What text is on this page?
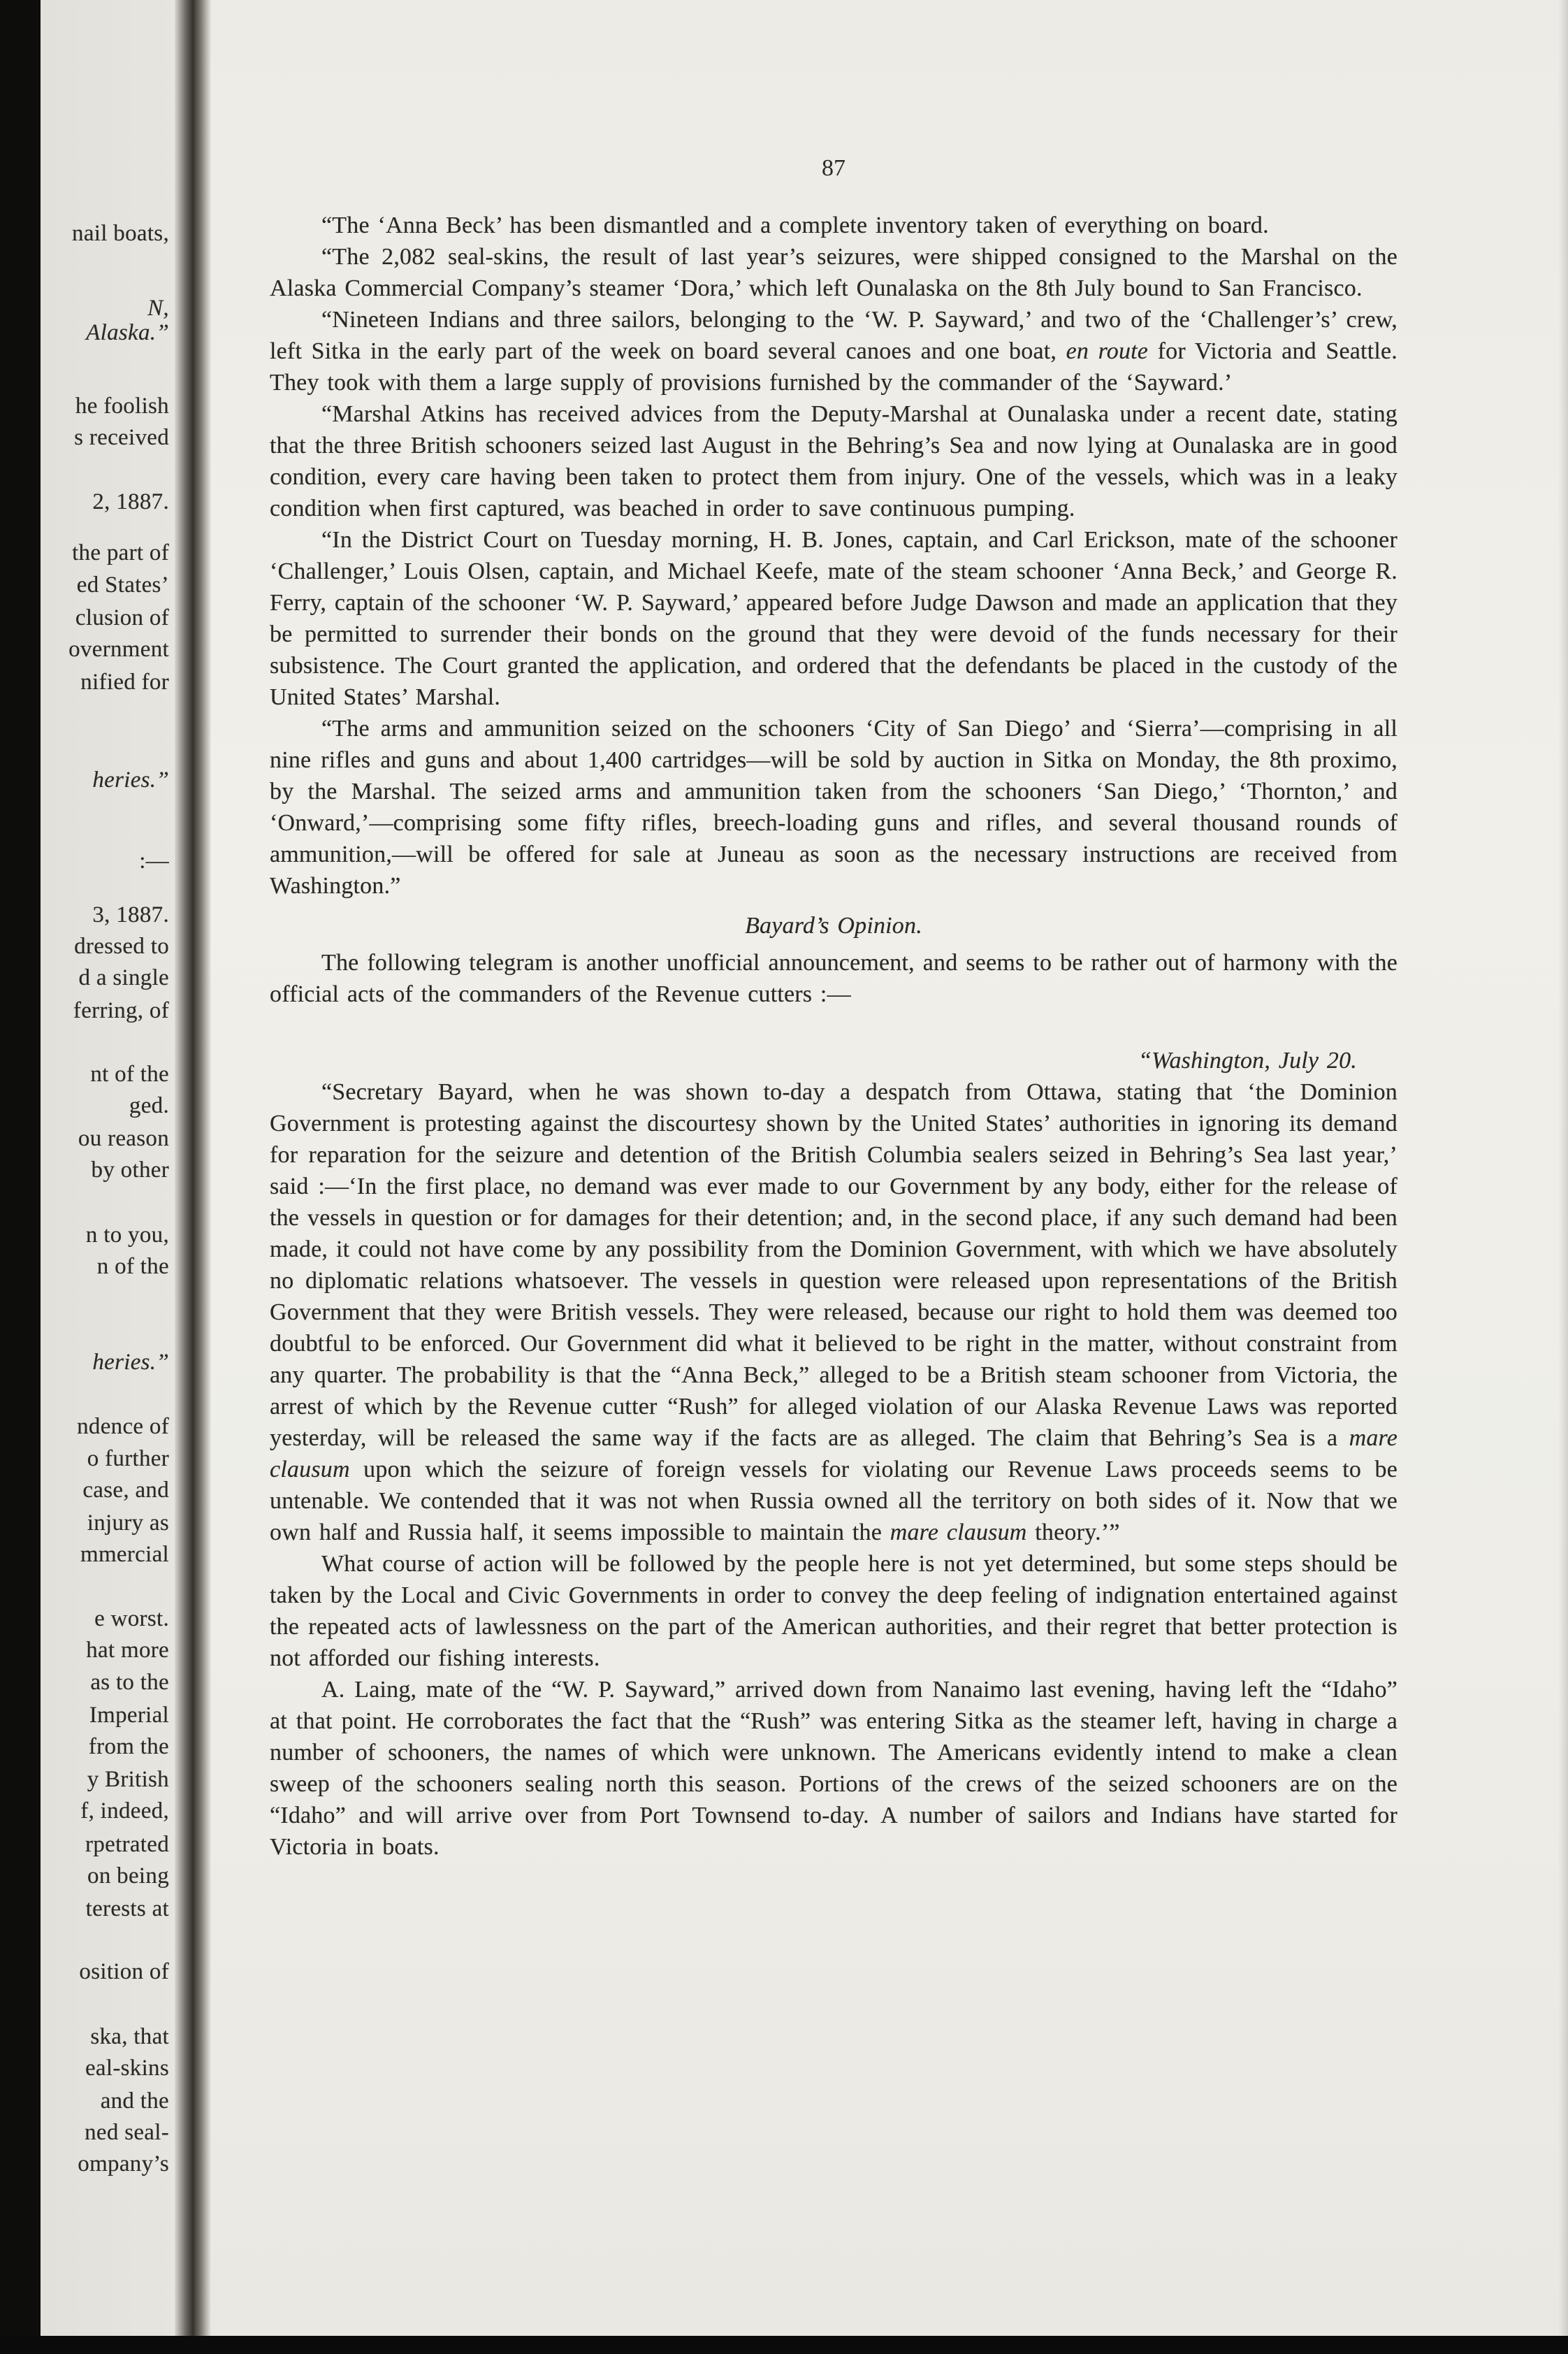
nail boats,
N,
Alaska.”
he foolish
s received
2, 1887.
the part of
ed States’
clusion of
overnment
nified for
heries.”
:—
3, 1887.
dressed to
d a single
ferring, of
nt of the
ged.
ou reason
by other
n to you,
n of the
heries.”
ndence of
o further
case, and
injury as
mmercial
e worst.
hat more
as to the
Imperial
from the
y British
f, indeed,
rpetrated
on being
terests at
osition of
ska, that
eal-skins
and the
ned seal-
ompany’s
87
“The ‘Anna Beck’ has been dismantled and a complete inventory taken of everything on board.
“The 2,082 seal-skins, the result of last year’s seizures, were shipped consigned to the Marshal on the Alaska Commercial Company’s steamer ‘Dora,’ which left Ounalaska on the 8th July bound to San Francisco.
“Nineteen Indians and three sailors, belonging to the ‘W. P. Sayward,’ and two of the ‘Challenger’s’ crew, left Sitka in the early part of the week on board several canoes and one boat, en route for Victoria and Seattle. They took with them a large supply of provisions furnished by the commander of the ‘Sayward.’
“Marshal Atkins has received advices from the Deputy-Marshal at Ounalaska under a recent date, stating that the three British schooners seized last August in the Behring’s Sea and now lying at Ounalaska are in good condition, every care having been taken to protect them from injury. One of the vessels, which was in a leaky condition when first captured, was beached in order to save continuous pumping.
“In the District Court on Tuesday morning, H. B. Jones, captain, and Carl Erickson, mate of the schooner ‘Challenger,’ Louis Olsen, captain, and Michael Keefe, mate of the steam schooner ‘Anna Beck,’ and George R. Ferry, captain of the schooner ‘W. P. Sayward,’ appeared before Judge Dawson and made an application that they be permitted to surrender their bonds on the ground that they were devoid of the funds necessary for their subsistence. The Court granted the application, and ordered that the defendants be placed in the custody of the United States’ Marshal.
“The arms and ammunition seized on the schooners ‘City of San Diego’ and ‘Sierra’—comprising in all nine rifles and guns and about 1,400 cartridges—will be sold by auction in Sitka on Monday, the 8th proximo, by the Marshal. The seized arms and ammunition taken from the schooners ‘San Diego,’ ‘Thornton,’ and ‘Onward,’—comprising some fifty rifles, breech-loading guns and rifles, and several thousand rounds of ammunition,—will be offered for sale at Juneau as soon as the necessary instructions are received from Washington.”
Bayard’s Opinion.
The following telegram is another unofficial announcement, and seems to be rather out of harmony with the official acts of the commanders of the Revenue cutters :—
“Washington, July 20.
“Secretary Bayard, when he was shown to-day a despatch from Ottawa, stating that ‘the Dominion Government is protesting against the discourtesy shown by the United States’ authorities in ignoring its demand for reparation for the seizure and detention of the British Columbia sealers seized in Behring’s Sea last year,’ said :—‘In the first place, no demand was ever made to our Government by any body, either for the release of the vessels in question or for damages for their detention; and, in the second place, if any such demand had been made, it could not have come by any possibility from the Dominion Government, with which we have absolutely no diplomatic relations whatsoever. The vessels in question were released upon representations of the British Government that they were British vessels. They were released, because our right to hold them was deemed too doubtful to be enforced. Our Government did what it believed to be right in the matter, without constraint from any quarter. The probability is that the “Anna Beck,” alleged to be a British steam schooner from Victoria, the arrest of which by the Revenue cutter “Rush” for alleged violation of our Alaska Revenue Laws was reported yesterday, will be released the same way if the facts are as alleged. The claim that Behring’s Sea is a mare clausum upon which the seizure of foreign vessels for violating our Revenue Laws proceeds seems to be untenable. We contended that it was not when Russia owned all the territory on both sides of it. Now that we own half and Russia half, it seems impossible to maintain the mare clausum theory.’”
What course of action will be followed by the people here is not yet determined, but some steps should be taken by the Local and Civic Governments in order to convey the deep feeling of indignation entertained against the repeated acts of lawlessness on the part of the American authorities, and their regret that better protection is not afforded our fishing interests.
A. Laing, mate of the “W. P. Sayward,” arrived down from Nanaimo last evening, having left the “Idaho” at that point. He corroborates the fact that the “Rush” was entering Sitka as the steamer left, having in charge a number of schooners, the names of which were unknown. The Americans evidently intend to make a clean sweep of the schooners sealing north this season. Portions of the crews of the seized schooners are on the “Idaho” and will arrive over from Port Townsend to-day. A number of sailors and Indians have started for Victoria in boats.
